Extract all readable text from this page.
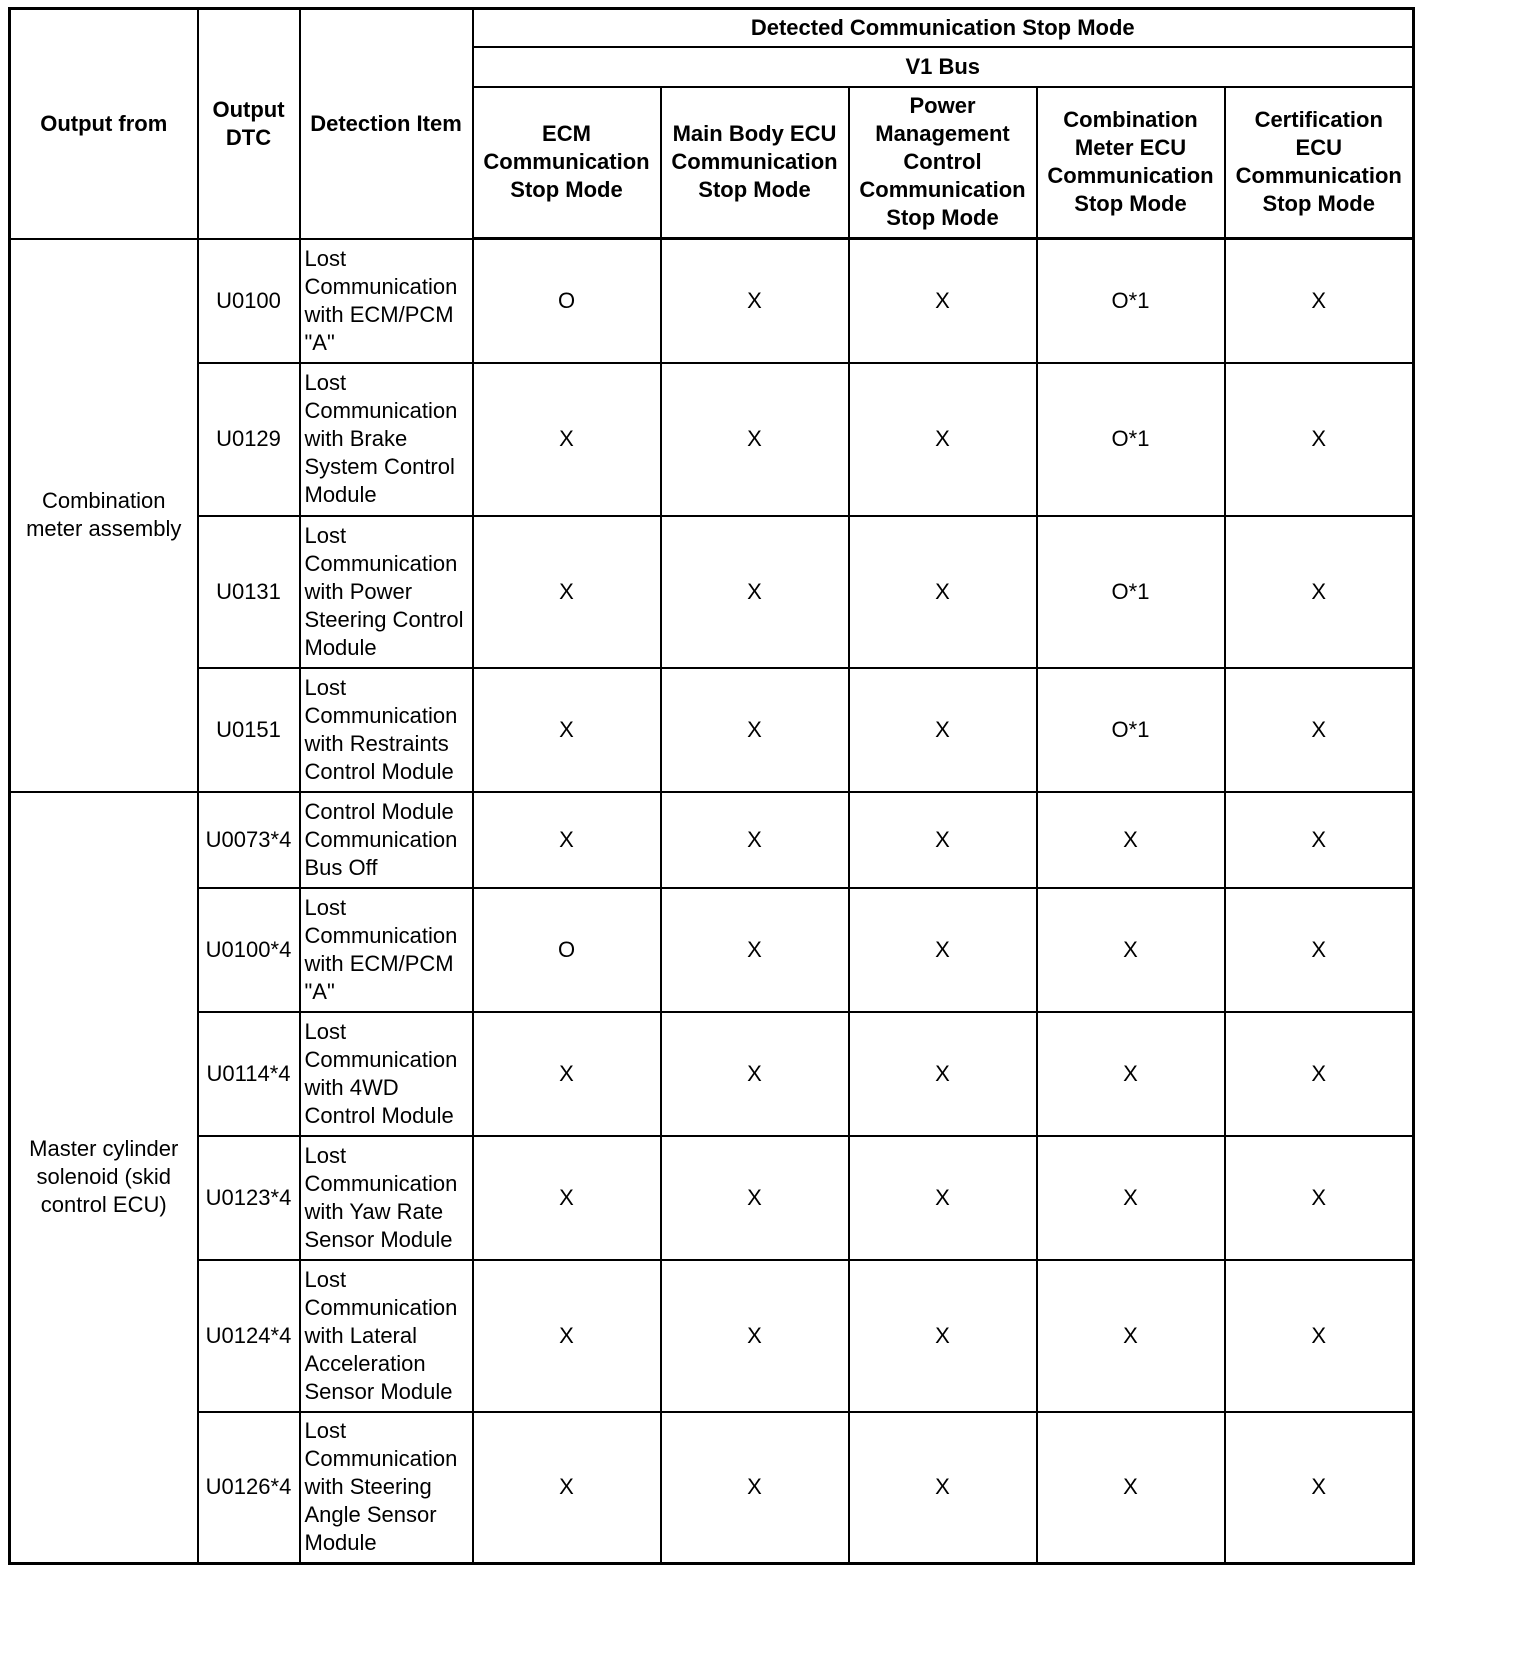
Output from	Output DTC	Detection Item	Detected Communication Stop Mode				
			V1 Bus				
			ECM Communication Stop Mode	Main Body ECU Communication Stop Mode	Power Management Control Communication Stop Mode	Combination Meter ECU Communication Stop Mode	Certification ECU Communication Stop Mode
Combination meter assembly	U0100	Lost Communication with ECM/PCM "A"	O	X	X	O*1	X
	U0129	Lost Communication with Brake System Control Module	X	X	X	O*1	X
	U0131	Lost Communication with Power Steering Control Module	X	X	X	O*1	X
	U0151	Lost Communication with Restraints Control Module	X	X	X	O*1	X
Master cylinder solenoid (skid control ECU)	U0073*4	Control Module Communication Bus Off	X	X	X	X	X
	U0100*4	Lost Communication with ECM/PCM "A"	O	X	X	X	X
	U0114*4	Lost Communication with 4WD Control Module	X	X	X	X	X
	U0123*4	Lost Communication with Yaw Rate Sensor Module	X	X	X	X	X
	U0124*4	Lost Communication with Lateral Acceleration Sensor Module	X	X	X	X	X
	U0126*4	Lost Communication with Steering Angle Sensor Module	X	X	X	X	X
